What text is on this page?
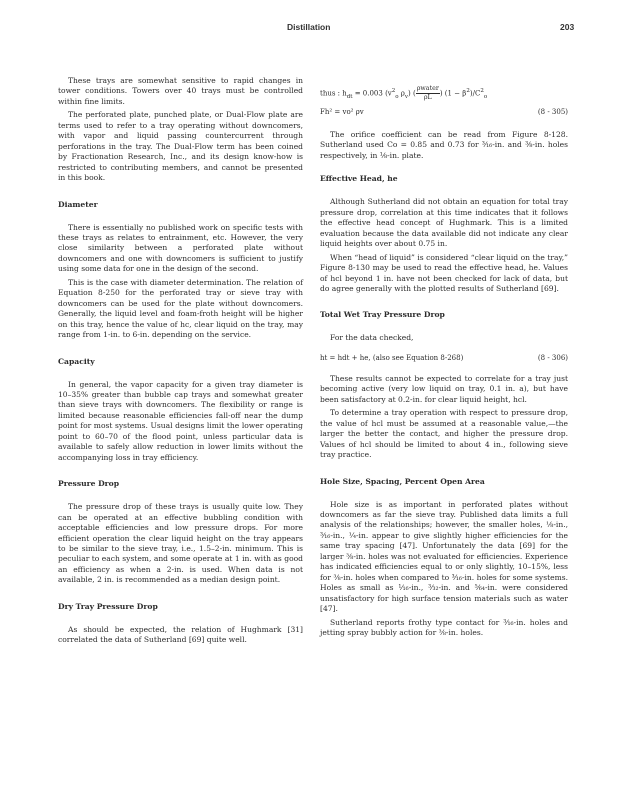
Distillation	203

These trays are somewhat sensitive to rapid changes in tower conditions. Towers over 40 trays must be controlled within fine limits.

The perforated plate, punched plate, or Dual-Flow plate are terms used to refer to a tray operating without downcomers, with vapor and liquid passing countercurrent through perforations in the tray. The Dual-Flow term has been coined by Fractionation Research, Inc., and its design know-how is restricted to contributing members, and cannot be presented in this book.

Diameter

There is essentially no published work on specific tests with these trays as relates to entrainment, etc. However, the very close similarity between a perforated plate without downcomers and one with downcomers is sufficient to justify using some data for one in the design of the second.

This is the case with diameter determination. The relation of Equation 8-250 for the perforated tray or sieve tray with downcomers can be used for the plate without downcomers. Generally, the liquid level and foam-froth height will be higher on this tray, hence the value of hc, clear liquid on the tray, may range from 1-in. to 6-in. depending on the service.

Capacity

In general, the vapor capacity for a given tray diameter is 10–35% greater than bubble cap trays and somewhat greater than sieve trays with downcomers. The flexibility or range is limited because reasonable efficiencies fall-off near the dump point for most systems. Usual designs limit the lower operating point to 60–70 of the flood point, unless particular data is available to safely allow reduction in lower limits without the accompanying loss in tray efficiency.

Pressure Drop

The pressure drop of these trays is usually quite low. They can be operated at an effective bubbling condition with acceptable efficiencies and low pressure drops. For more efficient operation the clear liquid height on the tray appears to be similar to the sieve tray, i.e., 1.5–2-in. minimum. This is peculiar to each system, and some operate at 1 in. with as good an efficiency as when a 2-in. is used. When data is not available, 2 in. is recommended as a median design point.

Dry Tray Pressure Drop

As should be expected, the relation of Hughmark [31] correlated the data of Sutherland [69] quite well.

thus : $h_{dt} = 0.003$ ($v^2_o$ $\rho_v$) ( $\frac{\text{ρwater}}{\rho L}$ ) $(1 - \beta^2)/C^2_o$
Fh² = vo² ρv	(8 - 305)

The orifice coefficient can be read from Figure 8-128. Sutherland used Co = 0.85 and 0.73 for ³⁄₁₆-in. and ³⁄₈-in. holes respectively, in ¹⁄₈-in. plate.

Effective Head, he

Although Sutherland did not obtain an equation for total tray pressure drop, correlation at this time indicates that it follows the effective head concept of Hughmark. This is a limited evaluation because the data available did not indicate any clear liquid heights over about 0.75 in.

When “head of liquid” is considered “clear liquid on the tray,” Figure 8-130 may be used to read the effective head, he. Values of hcl beyond 1 in. have not been checked for lack of data, but do agree generally with the plotted results of Sutherland [69].

Total Wet Tray Pressure Drop

For the data checked,

ht = hdt + he, (also see Equation 8-268)	(8 - 306)

These results cannot be expected to correlate for a tray just becoming active (very low liquid on tray, 0.1 in. a), but have been satisfactory at 0.2-in. for clear liquid height, hcl.

To determine a tray operation with respect to pressure drop, the value of hcl must be assumed at a reasonable value,—the larger the better the contact, and higher the pressure drop. Values of hcl should be limited to about 4 in., following sieve tray practice.

Hole Size, Spacing, Percent Open Area

Hole size is as important in perforated plates without downcomers as far the sieve tray. Published data limits a full analysis of the relationships; however, the smaller holes, ⅛-in., ³⁄₁₆-in., ¼-in. appear to give slightly higher efficiencies for the same tray spacing [47]. Unfortunately the data [69] for the larger ⅜-in. holes was not evaluated for efficiencies. Experience has indicated efficiencies equal to or only slightly, 10–15%, less for ⅜-in. holes when compared to ³⁄₁₆-in. holes for some systems. Holes as small as ¹⁄₁₆-in., ³⁄₃₂-in. and ⁵⁄₆₄-in. were considered unsatisfactory for high surface tension materials such as water [47].

Sutherland reports frothy type contact for ³⁄₁₆-in. holes and jetting spray bubbly action for ⅜-in. holes.
